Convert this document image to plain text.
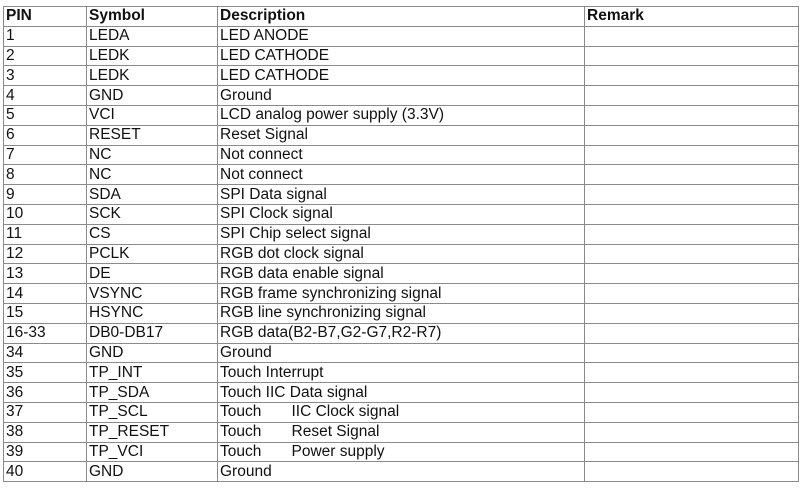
PIN	Symbol	Description	Remark
1	LEDA	LED ANODE	
2	LEDK	LED CATHODE	
3	LEDK	LED CATHODE	
4	GND	Ground	
5	VCI	LCD analog power supply (3.3V)	
6	RESET	Reset Signal	
7	NC	Not connect	
8	NC	Not connect	
9	SDA	SPI Data signal	
10	SCK	SPI Clock signal	
11	CS	SPI Chip select signal	
12	PCLK	RGB dot clock signal	
13	DE	RGB data enable signal	
14	VSYNC	RGB frame synchronizing signal	
15	HSYNC	RGB line synchronizing signal	
16-33	DB0-DB17	RGB data(B2-B7,G2-G7,R2-R7)	
34	GND	Ground	
35	TP_INT	Touch Interrupt	
36	TP_SDA	Touch IIC Data signal	
37	TP_SCL	Touch       IIC Clock signal	
38	TP_RESET	Touch       Reset Signal	
39	TP_VCI	Touch       Power supply	
40	GND	Ground	
